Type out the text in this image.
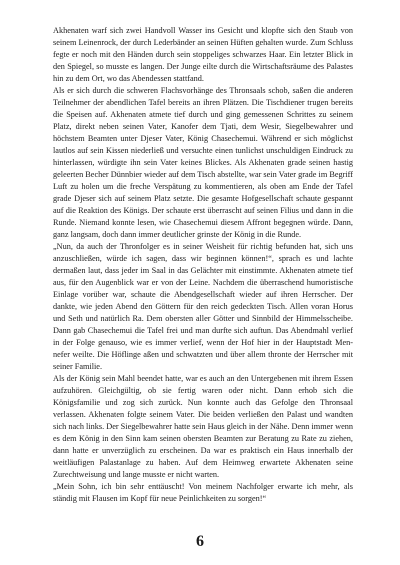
Akhenaten warf sich zwei Handvoll Wasser ins Gesicht und klopfte sich den Staub von seinem Leinenrock, der durch Lederbänder an seinen Hüften gehalten wurde. Zum Schluss fegte er noch mit den Händen durch sein stoppeliges schwarzes Haar. Ein letzter Blick in den Spiegel, so musste es langen. Der Junge eilte durch die Wirtschaftsräume des Palastes hin zu dem Ort, wo das Abendessen stattfand.

Als er sich durch die schweren Flachsvorhänge des Thronsaals schob, saßen die anderen Teilnehmer der abendlichen Tafel bereits an ihren Plätzen. Die Tischdiener trugen bereits die Speisen auf. Akhenaten atmete tief durch und ging gemessenen Schrittes zu seinem Platz, direkt neben seinen Vater, Kanofer dem Tjati, dem Wesir, Siegelbewahrer und höchstem Beamten unter Djeser Vater, König Chasechemui. Während er sich möglichst lautlos auf sein Kissen niederließ und versuchte einen tunlichst unschuldigen Eindruck zu hinterlassen, würdigte ihn sein Vater keines Blickes. Als Akhenaten grade seinen hastig geleerten Becher Dünnbier wieder auf dem Tisch abstellte, war sein Vater grade im Begriff Luft zu holen um die freche Verspätung zu kommentieren, als oben am Ende der Tafel grade Djeser sich auf seinem Platz setzte. Die gesamte Hofgesellschaft schaute gespannt auf die Reaktion des Königs. Der schaute erst überrascht auf seinen Filius und dann in die Runde. Niemand konnte lesen, wie Chasechemui diesem Affront begegnen würde. Dann, ganz langsam, doch dann immer deutlicher grinste der König in die Runde.

„Nun, da auch der Thronfolger es in seiner Weisheit für richtig befunden hat, sich uns anzuschließen, würde ich sagen, dass wir beginnen können!“, sprach es und lachte dermaßen laut, dass jeder im Saal in das Gelächter mit einstimmte. Akhenaten atmete tief aus, für den Augenblick war er von der Leine. Nachdem die überraschend humoristische Einlage vorüber war, schaute die Abendgesellschaft wieder auf ihren Herrscher. Der dankte, wie jeden Abend den Göttern für den reich gedeckten Tisch. Allen voran Horus und Seth und natürlich Ra. Dem obersten aller Götter und Sinnbild der Himmelsscheibe. Dann gab Chasechemui die Tafel frei und man durfte sich auftun. Das Abendmahl verlief in der Folge genauso, wie es immer verlief, wenn der Hof hier in der Hauptstadt Men-nefer weilte. Die Höflinge aßen und schwatzten und über allem thronte der Herrscher mit seiner Familie.

Als der König sein Mahl beendet hatte, war es auch an den Untergebenen mit ihrem Essen aufzuhören. Gleichgültig, ob sie fertig waren oder nicht. Dann erhob sich die Königsfamilie und zog sich zurück. Nun konnte auch das Gefolge den Thronsaal verlassen. Akhenaten folgte seinem Vater. Die beiden verließen den Palast und wandten sich nach links. Der Siegelbewahrer hatte sein Haus gleich in der Nähe. Denn immer wenn es dem König in den Sinn kam seinen obersten Beamten zur Beratung zu Rate zu ziehen, dann hatte er unverzüglich zu erscheinen. Da war es praktisch ein Haus innerhalb der weitläufigen Palastanlage zu haben. Auf dem Heimweg erwartete Akhenaten seine Zurechtweisung und lange musste er nicht warten.

„Mein Sohn, ich bin sehr enttäuscht! Von meinem Nachfolger erwarte ich mehr, als ständig mit Flausen im Kopf für neue Peinlichkeiten zu sorgen!“

6
